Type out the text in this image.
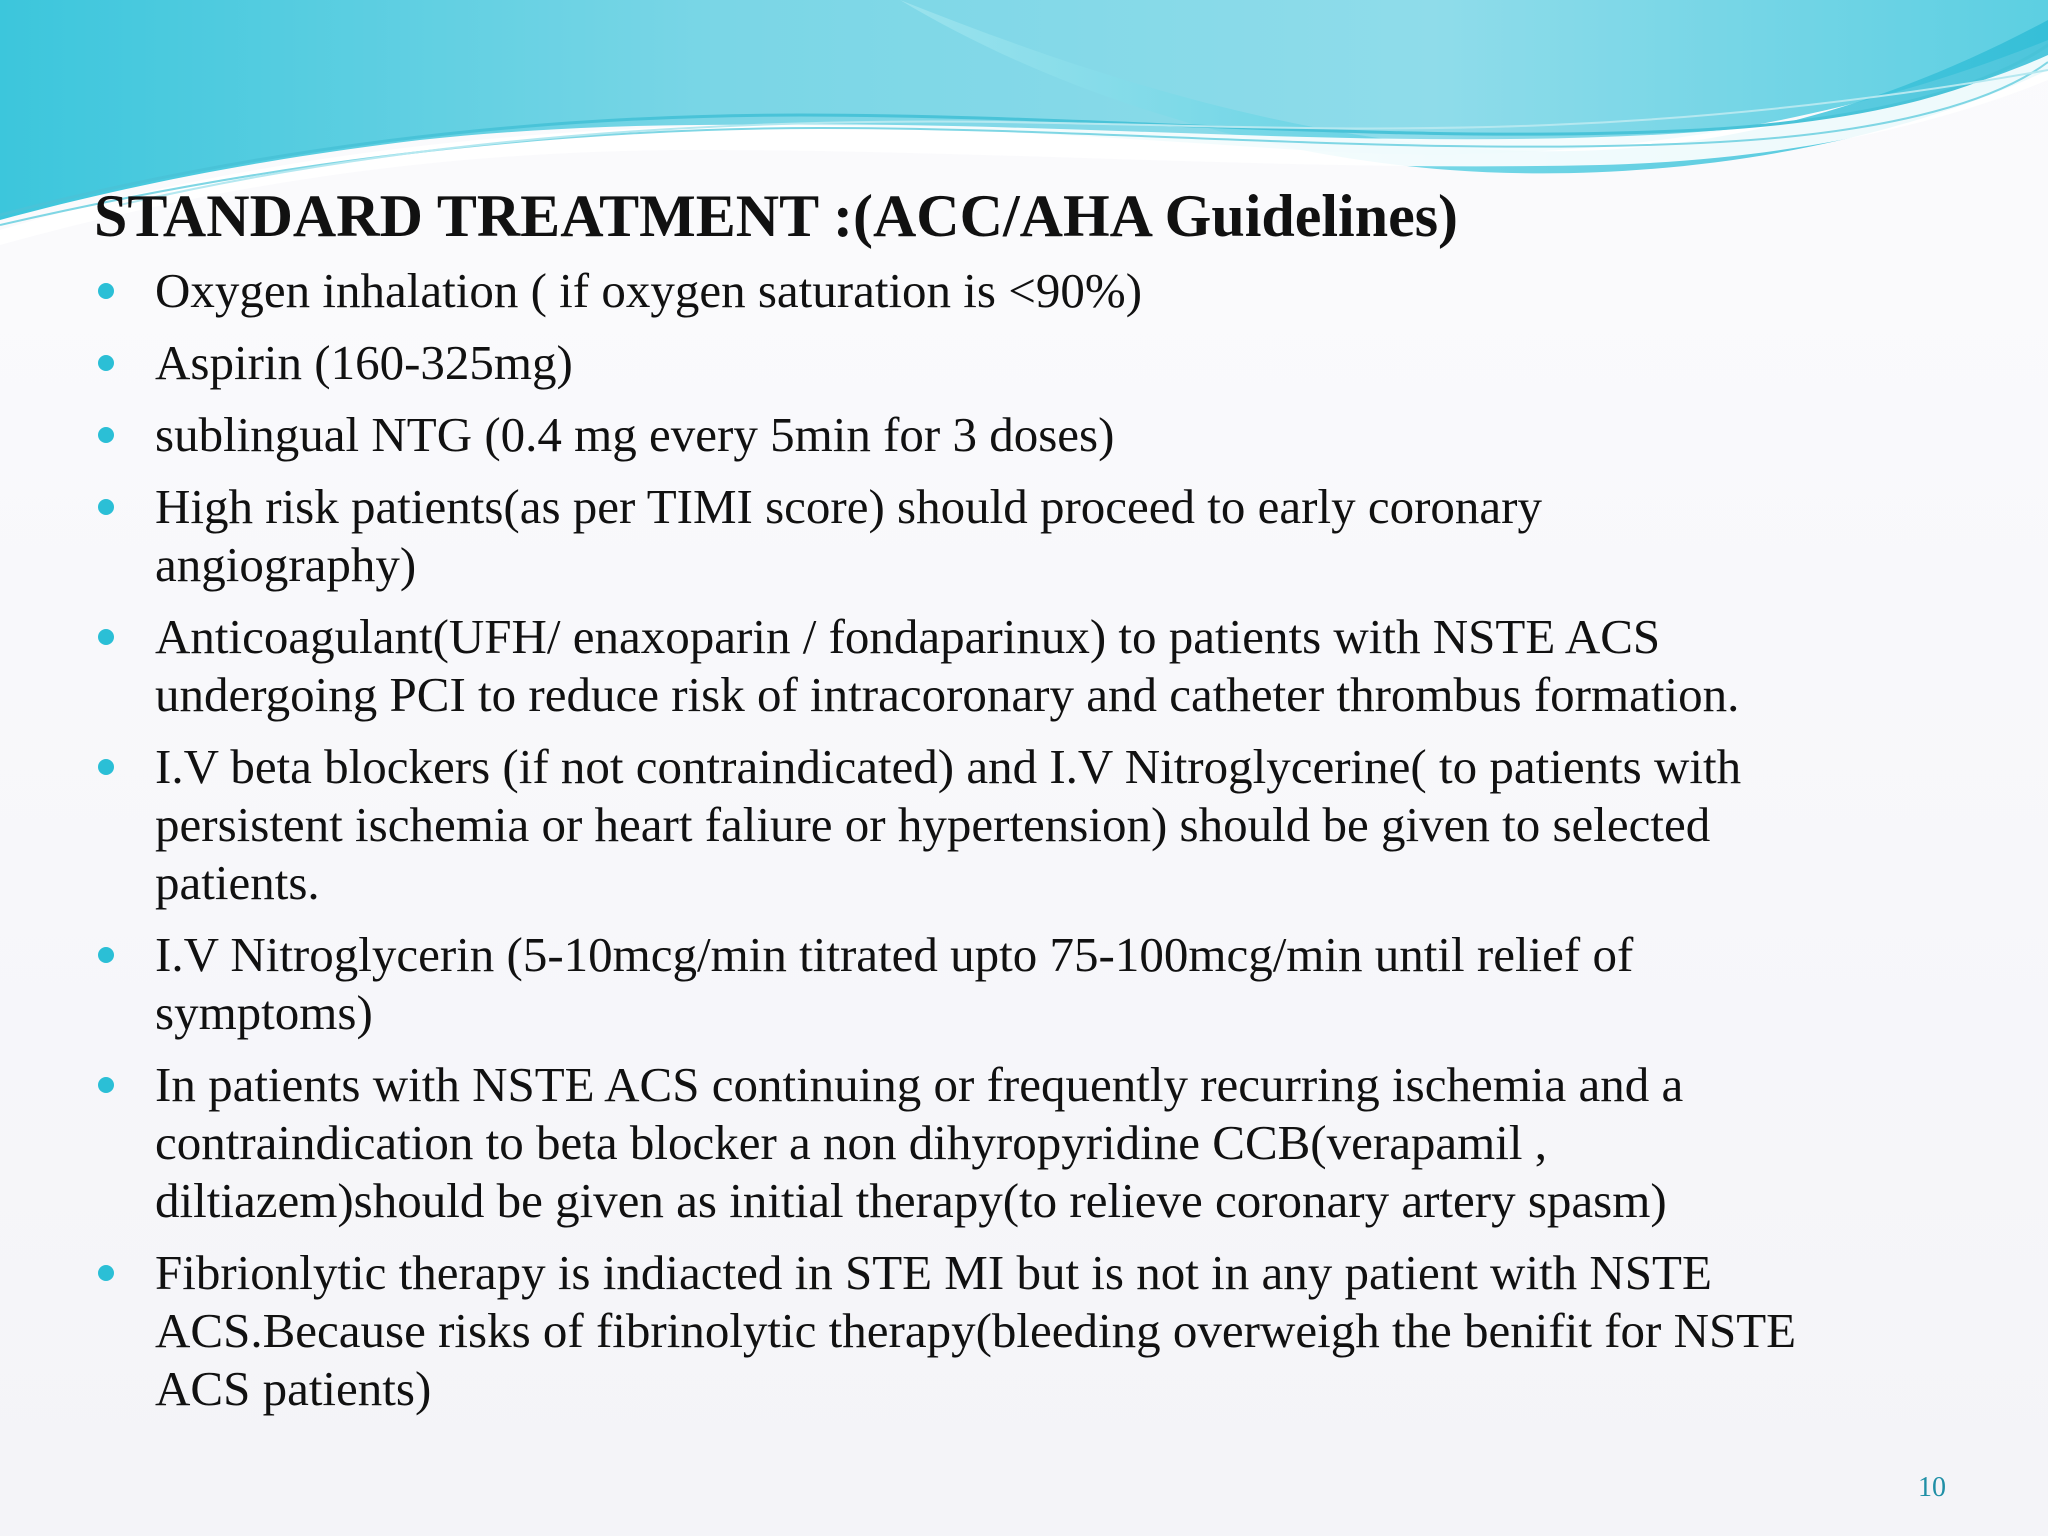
STANDARD TREATMENT :(ACC/AHA Guidelines)
Oxygen inhalation ( if oxygen saturation is <90%)
Aspirin (160-325mg)
sublingual NTG (0.4 mg every 5min for 3 doses)
High risk patients(as per TIMI score) should proceed to early coronary
angiography)
Anticoagulant(UFH/ enaxoparin / fondaparinux) to patients with NSTE ACS
undergoing PCI to reduce risk of intracoronary and catheter thrombus formation.
I.V beta blockers (if not contraindicated) and I.V Nitroglycerine( to patients with
persistent ischemia or heart faliure or hypertension) should be given to selected
patients.
I.V Nitroglycerin (5-10mcg/min titrated upto 75-100mcg/min until relief of
symptoms)
In patients with NSTE ACS continuing or frequently recurring ischemia and a
contraindication to beta blocker a non dihyropyridine CCB(verapamil ,
diltiazem)should be given as initial therapy(to relieve coronary artery spasm)
Fibrionlytic therapy is indiacted in STE MI but is not in any patient with NSTE
ACS.Because risks of fibrinolytic therapy(bleeding overweigh the benifit for NSTE
ACS patients)
10
